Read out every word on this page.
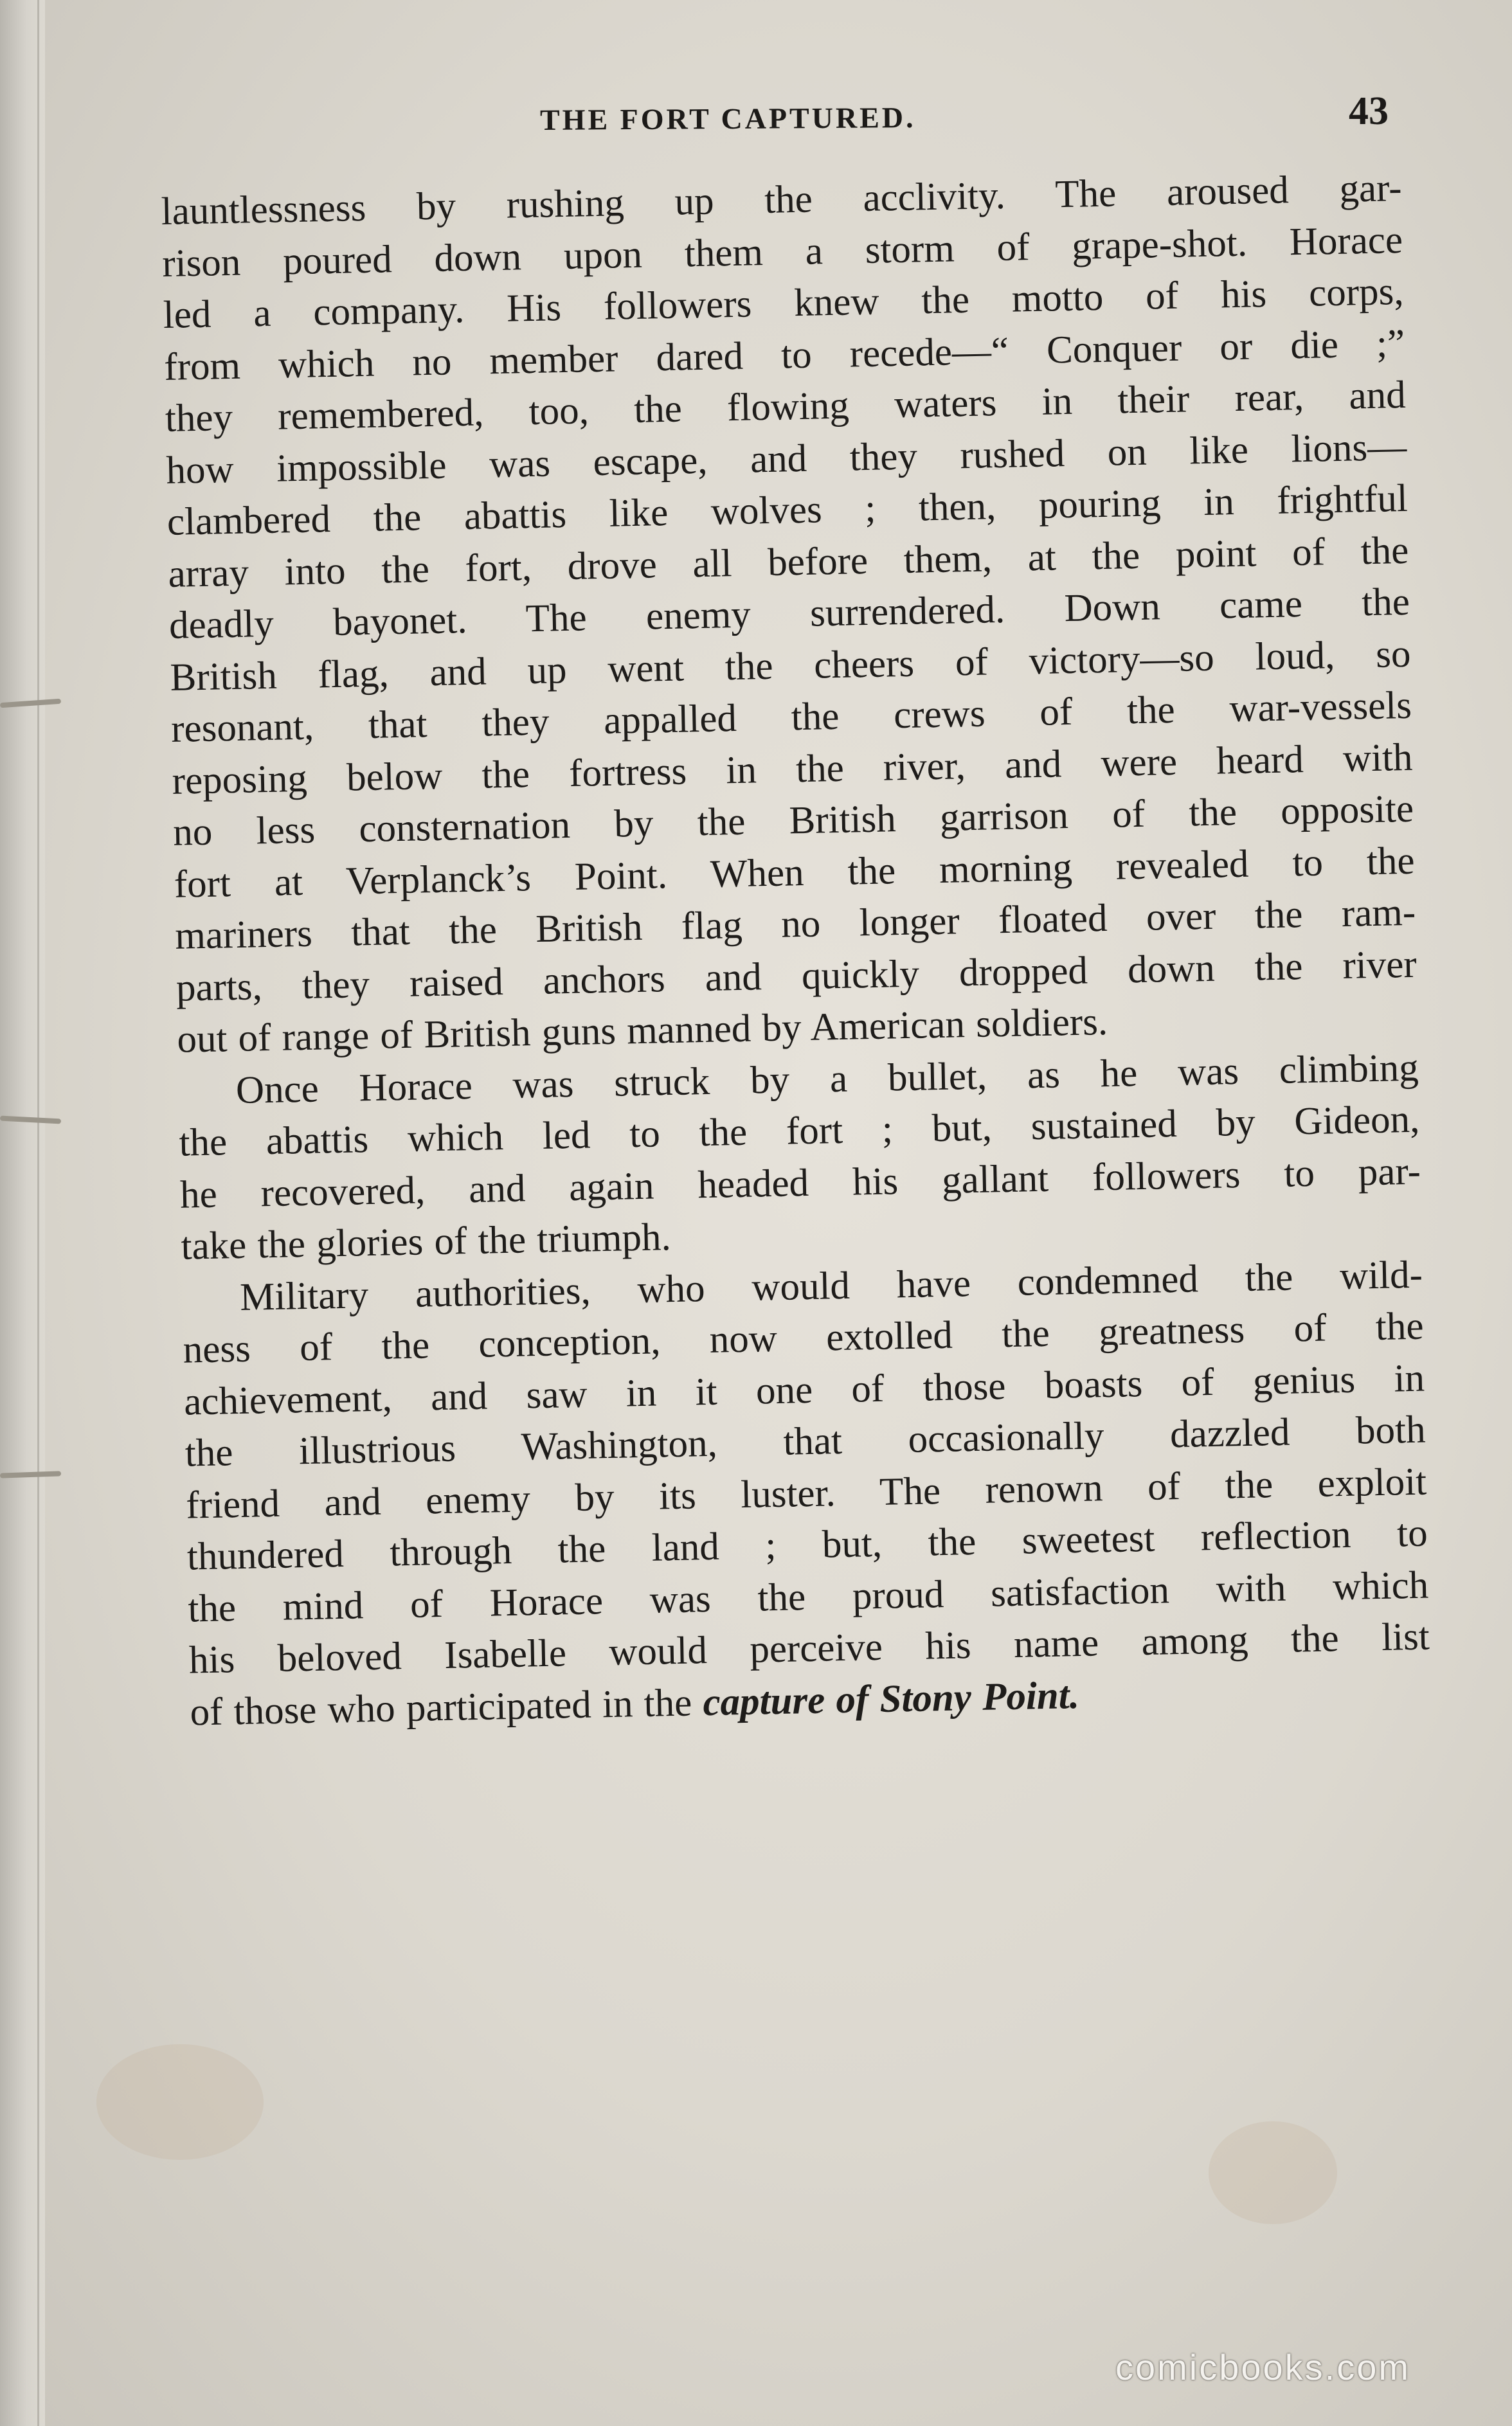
THE FORT CAPTURED.	43

launtlessness by rushing up the acclivity. The aroused gar-
rison poured down upon them a storm of grape-shot. Horace
led a company. His followers knew the motto of his corps,
from which no member dared to recede—“ Conquer or die ;”
they remembered, too, the flowing waters in their rear, and
how impossible was escape, and they rushed on like lions—
clambered the abattis like wolves ; then, pouring in frightful
array into the fort, drove all before them, at the point of the
deadly bayonet. The enemy surrendered. Down came the
British flag, and up went the cheers of victory—so loud, so
resonant, that they appalled the crews of the war-vessels
reposing below the fortress in the river, and were heard with
no less consternation by the British garrison of the opposite
fort at Verplanck’s Point. When the morning revealed to the
mariners that the British flag no longer floated over the ram-
parts, they raised anchors and quickly dropped down the river
out of range of British guns manned by American soldiers.

Once Horace was struck by a bullet, as he was climbing
the abattis which led to the fort ; but, sustained by Gideon,
he recovered, and again headed his gallant followers to par-
take the glories of the triumph.

Military authorities, who would have condemned the wild-
ness of the conception, now extolled the greatness of the
achievement, and saw in it one of those boasts of genius in
the illustrious Washington, that occasionally dazzled both
friend and enemy by its luster. The renown of the exploit
thundered through the land ; but, the sweetest reflection to
the mind of Horace was the proud satisfaction with which
his beloved Isabelle would perceive his name among the list
of those who participated in the capture of Stony Point.

comicbooks.com
